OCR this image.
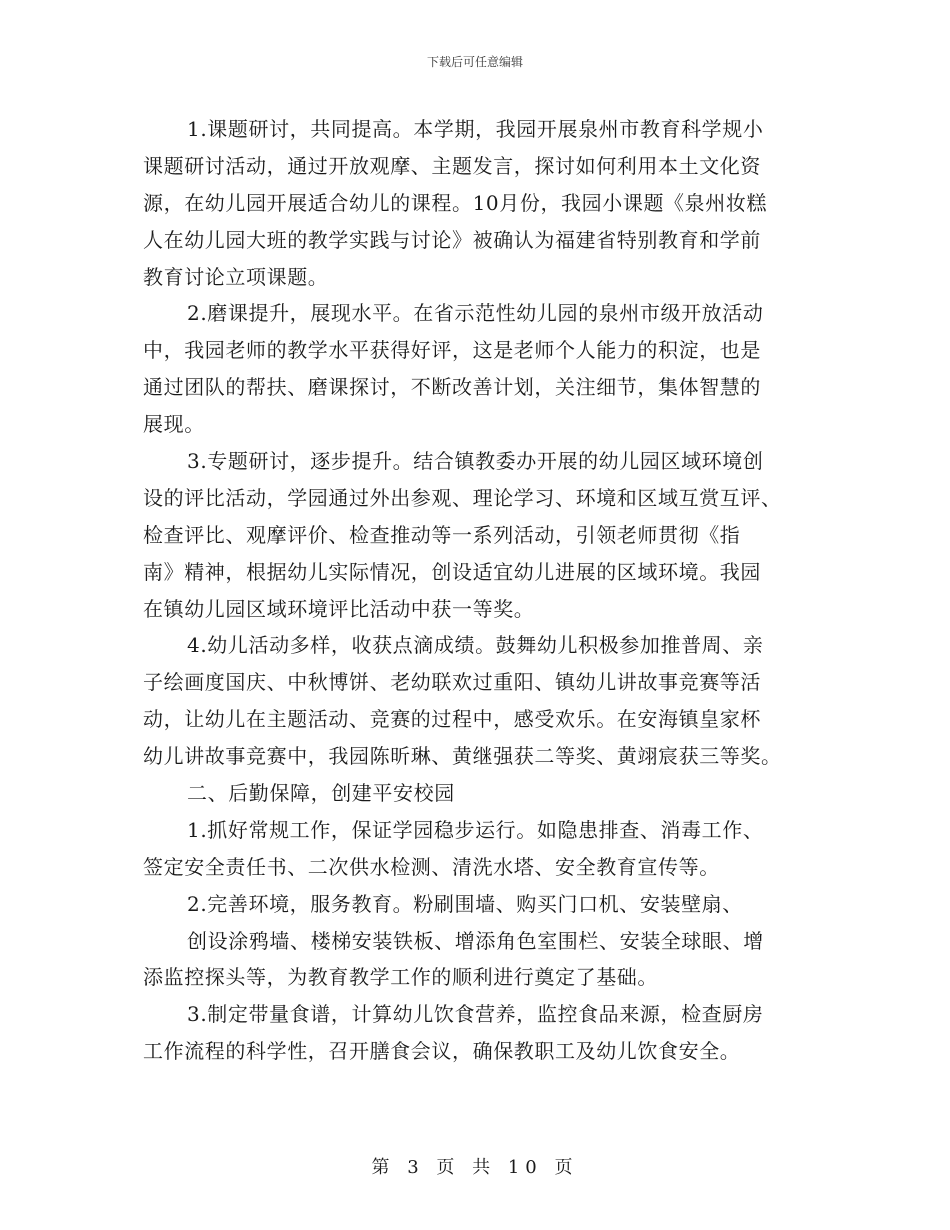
下载后可任意编辑
1.课题研讨，共同提高。本学期，我园开展泉州市教育科学规小
课题研讨活动，通过开放观摩、主题发言，探讨如何利用本土文化资
源，在幼儿园开展适合幼儿的课程。10月份，我园小课题《泉州妆糕
人在幼儿园大班的教学实践与讨论》被确认为福建省特别教育和学前
教育讨论立项课题。
2.磨课提升，展现水平。在省示范性幼儿园的泉州市级开放活动
中，我园老师的教学水平获得好评，这是老师个人能力的积淀，也是
通过团队的帮扶、磨课探讨，不断改善计划，关注细节，集体智慧的
展现。
3.专题研讨，逐步提升。结合镇教委办开展的幼儿园区域环境创
设的评比活动，学园通过外出参观、理论学习、环境和区域互赏互评、
检查评比、观摩评价、检查推动等一系列活动，引领老师贯彻《指
南》精神，根据幼儿实际情况，创设适宜幼儿进展的区域环境。我园
在镇幼儿园区域环境评比活动中获一等奖。
4.幼儿活动多样，收获点滴成绩。鼓舞幼儿积极参加推普周、亲
子绘画度国庆、中秋博饼、老幼联欢过重阳、镇幼儿讲故事竞赛等活
动，让幼儿在主题活动、竞赛的过程中，感受欢乐。在安海镇皇家杯
幼儿讲故事竞赛中，我园陈昕琳、黄继强获二等奖、黄翊宸获三等奖。
二、后勤保障，创建平安校园
1.抓好常规工作，保证学园稳步运行。如隐患排查、消毒工作、
签定安全责任书、二次供水检测、清洗水塔、安全教育宣传等。
2.完善环境，服务教育。粉刷围墙、购买门口机、安装壁扇、
创设涂鸦墙、楼梯安装铁板、增添角色室围栏、安装全球眼、增
添监控探头等，为教育教学工作的顺利进行奠定了基础。
3.制定带量食谱，计算幼儿饮食营养，监控食品来源，检查厨房
工作流程的科学性，召开膳食会议，确保教职工及幼儿饮食安全。
第 3 页 共 10 页
